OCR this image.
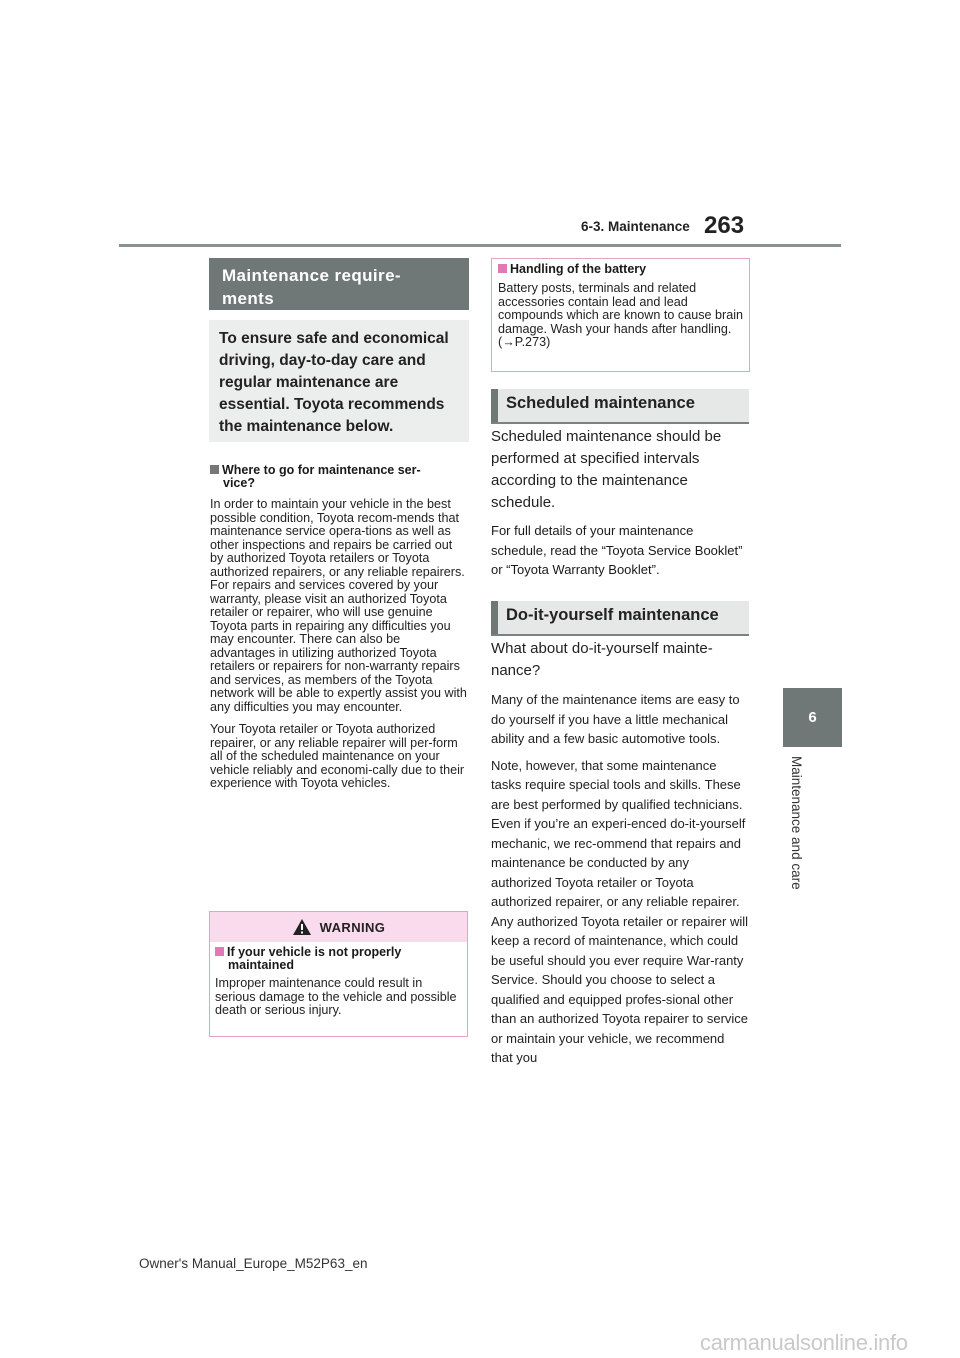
6-3. Maintenance 263
6
Maintenance and care
Maintenance require-
ments
To ensure safe and economical driving, day-to-day care and regular maintenance are essential. Toyota recommends the maintenance below.
Where to go for maintenance ser-
vice?

In order to maintain your vehicle in the best possible condition, Toyota recom-mends that maintenance service opera-tions as well as other inspections and repairs be carried out by authorized Toyota retailers or Toyota authorized repairers, or any reliable repairers. For repairs and services covered by your warranty, please visit an authorized Toyota retailer or repairer, who will use genuine Toyota parts in repairing any difficulties you may encounter. There can also be advantages in utilizing authorized Toyota retailers or repairers for non-warranty repairs and services, as members of the Toyota network will be able to expertly assist you with any difficulties you may encounter.

Your Toyota retailer or Toyota authorized repairer, or any reliable repairer will per-form all of the scheduled maintenance on your vehicle reliably and economi-cally due to their experience with Toyota vehicles.

WARNING
If your vehicle is not properly maintained
Improper maintenance could result in serious damage to the vehicle and possible death or serious injury.
Handling of the battery
Battery posts, terminals and related accessories contain lead and lead compounds which are known to cause brain damage. Wash your hands after handling. (→P.273)
Scheduled maintenance
Scheduled maintenance should be performed at specified intervals according to the maintenance schedule.
For full details of your maintenance schedule, read the “Toyota Service Booklet” or “Toyota Warranty Booklet”.
Do-it-yourself maintenance
What about do-it-yourself mainte-nance?

Many of the maintenance items are easy to do yourself if you have a little mechanical ability and a few basic automotive tools.

Note, however, that some maintenance tasks require special tools and skills. These are best performed by qualified technicians. Even if you’re an experi-enced do-it-yourself mechanic, we rec-ommend that repairs and maintenance be conducted by any authorized Toyota retailer or Toyota authorized repairer, or any reliable repairer. Any authorized Toyota retailer or repairer will keep a record of maintenance, which could be useful should you ever require War-ranty Service. Should you choose to select a qualified and equipped profes-sional other than an authorized Toyota repairer to service or maintain your vehicle, we recommend that you

Owner's Manual_Europe_M52P63_en
carmanualsonline.info
